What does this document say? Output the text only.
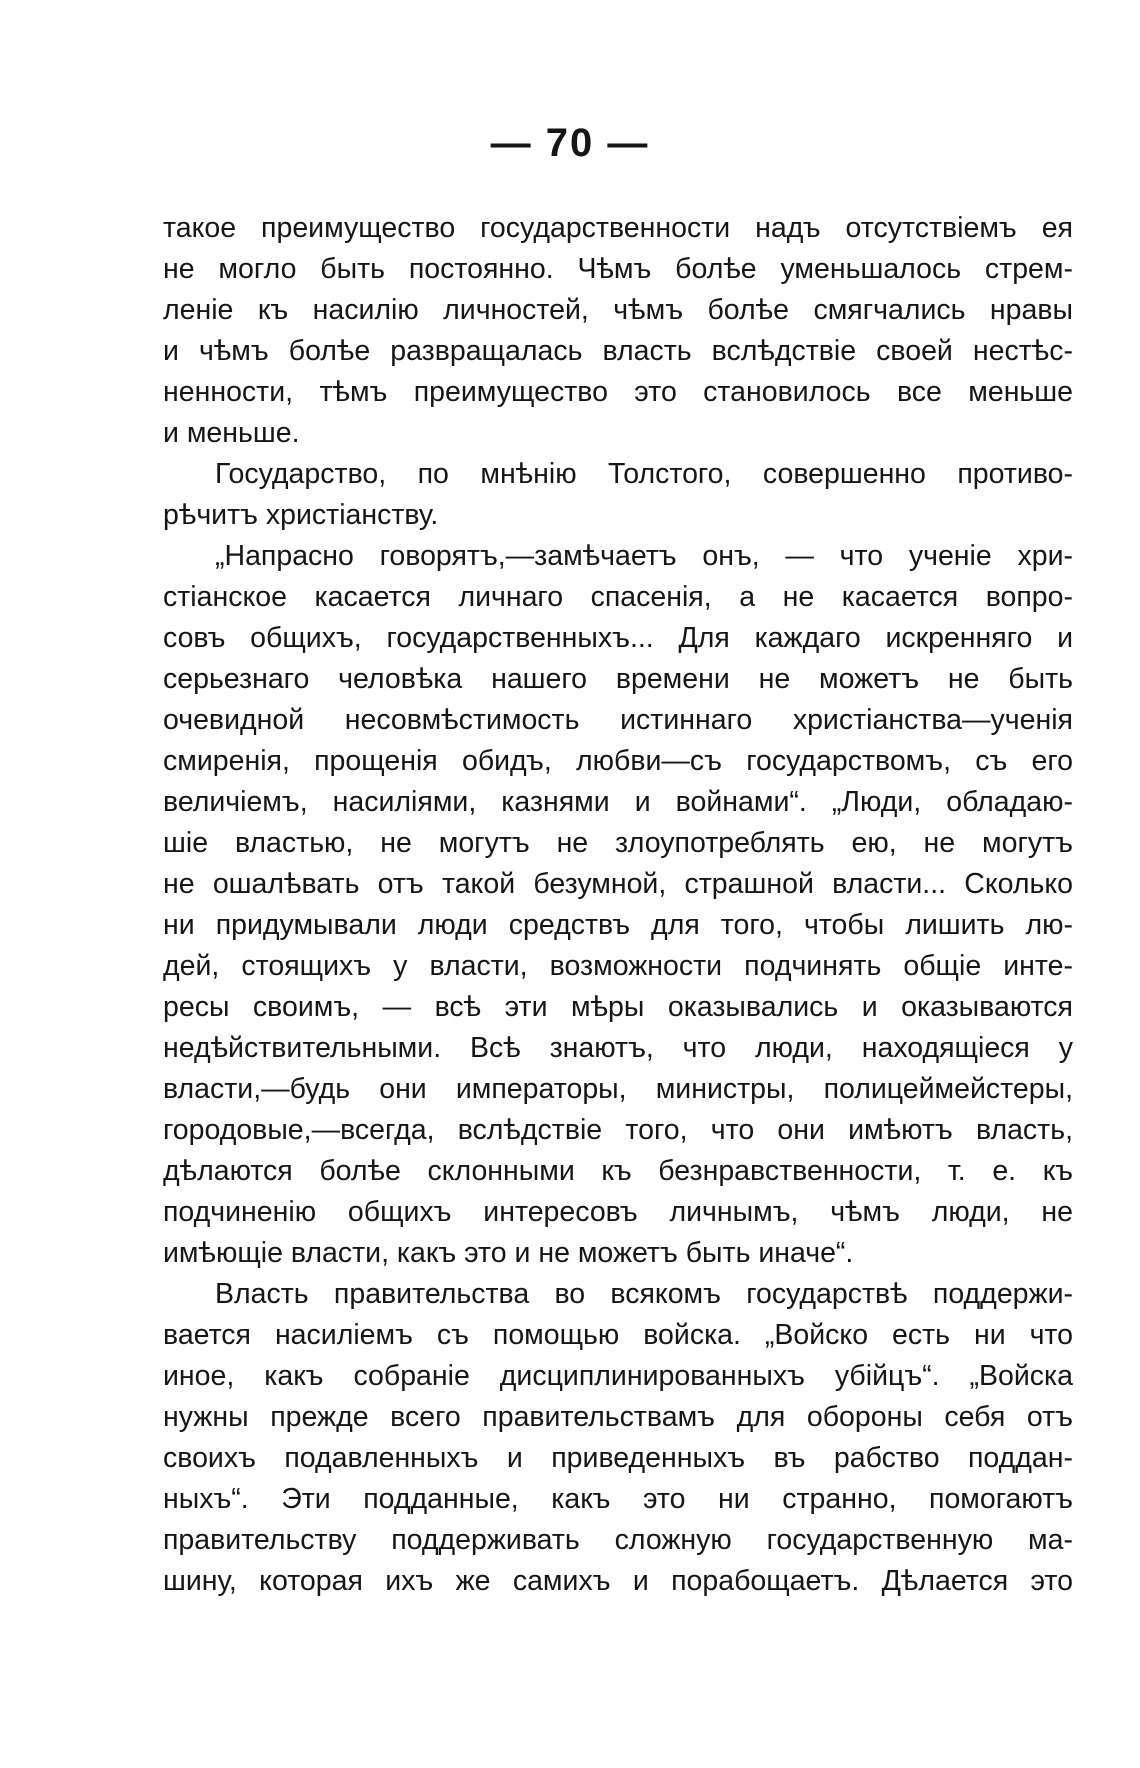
— 70 —
такое преимущество государственности надъ отсутствіемъ ея
не могло быть постоянно. Чѣмъ болѣе уменьшалось стрем-
леніе къ насилію личностей, чѣмъ болѣе смягчались нравы
и чѣмъ болѣе развращалась власть вслѣдствіе своей нестѣс-
ненности, тѣмъ преимущество это становилось все меньше
и меньше.
Государство, по мнѣнію Толстого, совершенно противо-
рѣчитъ христіанству.
„Напрасно говорятъ,—замѣчаетъ онъ, — что ученіе хри-
стіанское касается личнаго спасенія, а не касается вопро-
совъ общихъ, государственныхъ... Для каждаго искренняго и
серьезнаго человѣка нашего времени не можетъ не быть
очевидной несовмѣстимость истиннаго христіанства—ученія
смиренія, прощенія обидъ, любви—съ государствомъ, съ его
величіемъ, насиліями, казнями и войнами“. „Люди, обладаю-
шіе властью, не могутъ не злоупотреблять ею, не могутъ
не ошалѣвать отъ такой безумной, страшной власти... Сколько
ни придумывали люди средствъ для того, чтобы лишить лю-
дей, стоящихъ у власти, возможности подчинять общіе инте-
ресы своимъ, — всѣ эти мѣры оказывались и оказываются
недѣйствительными. Всѣ знаютъ, что люди, находящіеся у
власти,—будь они императоры, министры, полицеймейстеры,
городовые,—всегда, вслѣдствіе того, что они имѣютъ власть,
дѣлаются болѣе склонными къ безнравственности, т. е. къ
подчиненію общихъ интересовъ личнымъ, чѣмъ люди, не
имѣющіе власти, какъ это и не можетъ быть иначе“.
Власть правительства во всякомъ государствѣ поддержи-
вается насиліемъ съ помощью войска. „Войско есть ни что
иное, какъ собраніе дисциплинированныхъ убійцъ“. „Войска
нужны прежде всего правительствамъ для обороны себя отъ
своихъ подавленныхъ и приведенныхъ въ рабство поддан-
ныхъ“. Эти подданные, какъ это ни странно, помогаютъ
правительству поддерживать сложную государственную ма-
шину, которая ихъ же самихъ и порабощаетъ. Дѣлается это
